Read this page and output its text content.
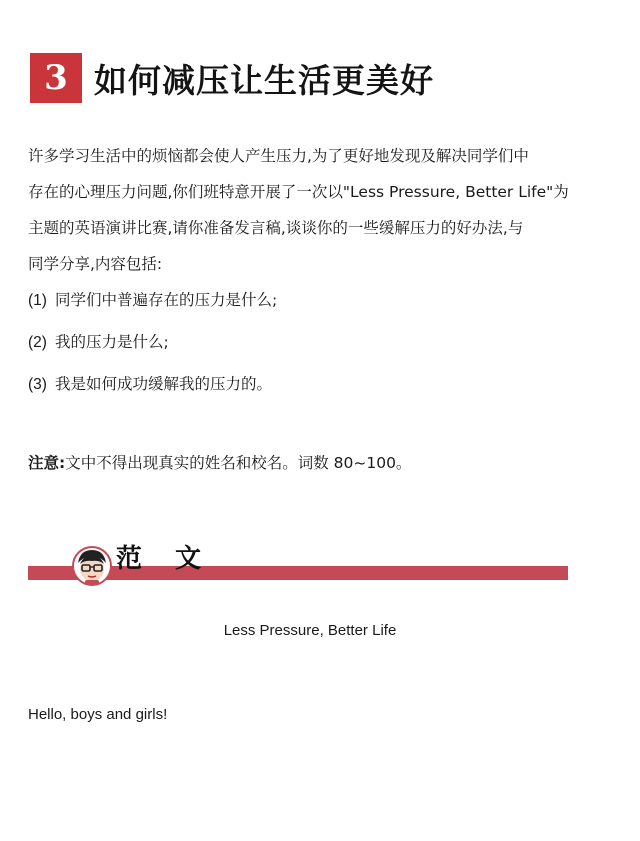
3 如何减压让生活更美好

许多学习生活中的烦恼都会使人产生压力,为了更好地发现及解决同学们中

存在的心理压力问题,你们班特意开展了一次以"Less Pressure, Better Life"为

主题的英语演讲比赛,请你准备发言稿,谈谈你的一些缓解压力的好办法,与

同学分享,内容包括:

(1) 同学们中普遍存在的压力是什么;
(2) 我的压力是什么;
(3) 我是如何成功缓解我的压力的。
注意:文中不得出现真实的姓名和校名。词数 80~100。
范 文
Less Pressure, Better Life
Hello, boys and girls!
